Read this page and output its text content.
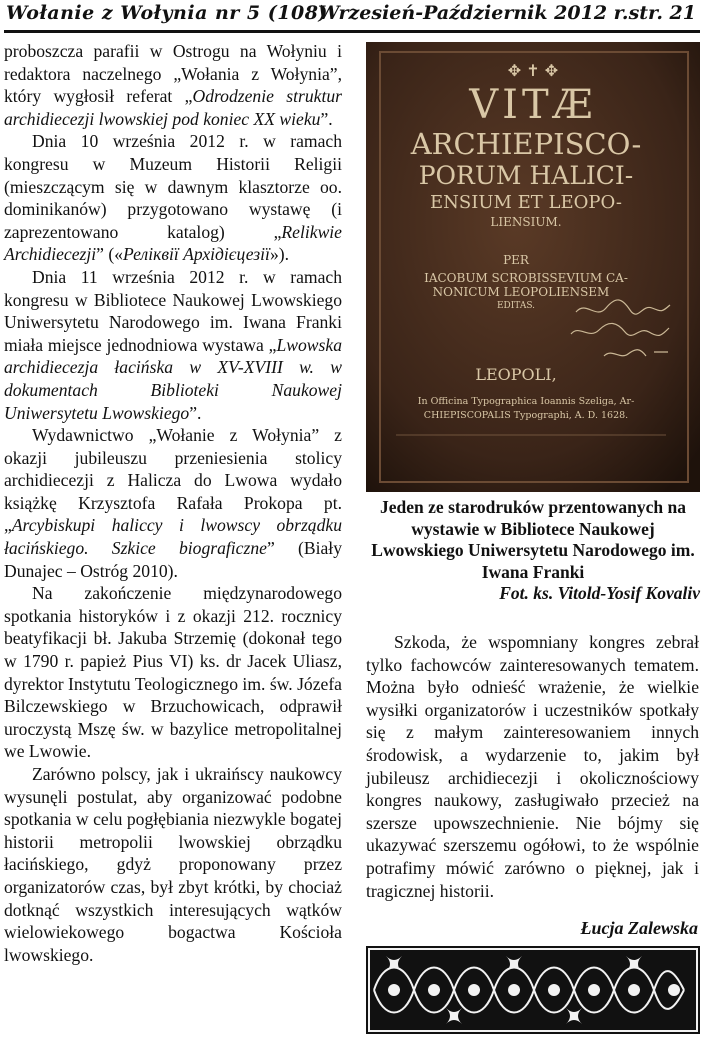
Wołanie z Wołynia nr 5 (108)
Wrzesień-Październik 2012 r. str. 21

proboszcza parafii w Ostrogu na Wołyniu i redaktora naczelnego „Wołania z Wołynia”, który wygłosił referat „Odrodzenie struktur archidiecezji lwowskiej pod koniec XX wieku”.

Dnia 10 września 2012 r. w ramach kongresu w Muzeum Historii Religii (mieszczącym się w dawnym klasztorze oo. dominikanów) przygotowano wystawę (i zaprezentowano katalog) „Relikwie Archidiecezji” («Реліквії Архідієцезії»).

Dnia 11 września 2012 r. w ramach kongresu w Bibliotece Naukowej Lwowskiego Uniwersytetu Narodowego im. Iwana Franki miała miejsce jednodniowa wystawa „Lwowska archidiecezja łacińska w XV-XVIII w. w dokumentach Biblioteki Naukowej Uniwersytetu Lwowskiego”.

Wydawnictwo „Wołanie z Wołynia” z okazji jubileuszu przeniesienia stolicy archidiecezji z Halicza do Lwowa wydało książkę Krzysztofa Rafała Prokopa pt. „Arcybiskupi haliccy i lwowscy obrządku łacińskiego. Szkice biograficzne” (Biały Dunajec – Ostróg 2010).

Na zakończenie międzynarodowego spotkania historyków i z okazji 212. rocznicy beatyfikacji bł. Jakuba Strzemię (dokonał tego w 1790 r. papież Pius VI) ks. dr Jacek Uliasz, dyrektor Instytutu Teologicznego im. św. Józefa Bilczewskiego w Brzuchowicach, odprawił uroczystą Mszę św. w bazylice metropolitalnej we Lwowie.

Zarówno polscy, jak i ukraińscy naukowcy wysunęli postulat, aby organizować podobne spotkania w celu pogłębiania niezwykle bogatej historii metropolii lwowskiej obrządku łacińskiego, gdyż proponowany przez organizatorów czas, był zbyt krótki, by chociaż dotknąć wszystkich interesujących wątków wielowiekowego bogactwa Kościoła lwowskiego.

✥ ✝ ✥
VITÆ
ARCHIEPISCO-
PORUM HALICI-
ENSIUM ET LEOPO-
LIENSIUM.
PER
IACOBUM SCROBISSEVIUM CA-
NONICUM LEOPOLIENSEM
EDITAS.
LEOPOLI,
In Officina Typographica Ioannis Szeliga, Ar-
CHIEPISCOPALIS Typographi, A. D. 1628.
Jeden ze starodruków przentowanych na wystawie w Bibliotece Naukowej Lwowskiego Uniwersytetu Narodowego im. Iwana Franki
Fot. ks. Vitold-Yosif Kovaliv

Szkoda, że wspomniany kongres zebrał tylko fachowców zainteresowanych tematem. Można było odnieść wrażenie, że wielkie wysiłki organizatorów i uczestników spotkały się z małym zainteresowaniem innych środowisk, a wydarzenie to, jakim był jubileusz archidiecezji i okolicznościowy kongres naukowy, zasługiwało przecież na szersze upowszechnienie. Nie bójmy się ukazywać szerszemu ogółowi, to że wspólnie potrafimy mówić zarówno o pięknej, jak i tragicznej historii.

Łucja Zalewska
